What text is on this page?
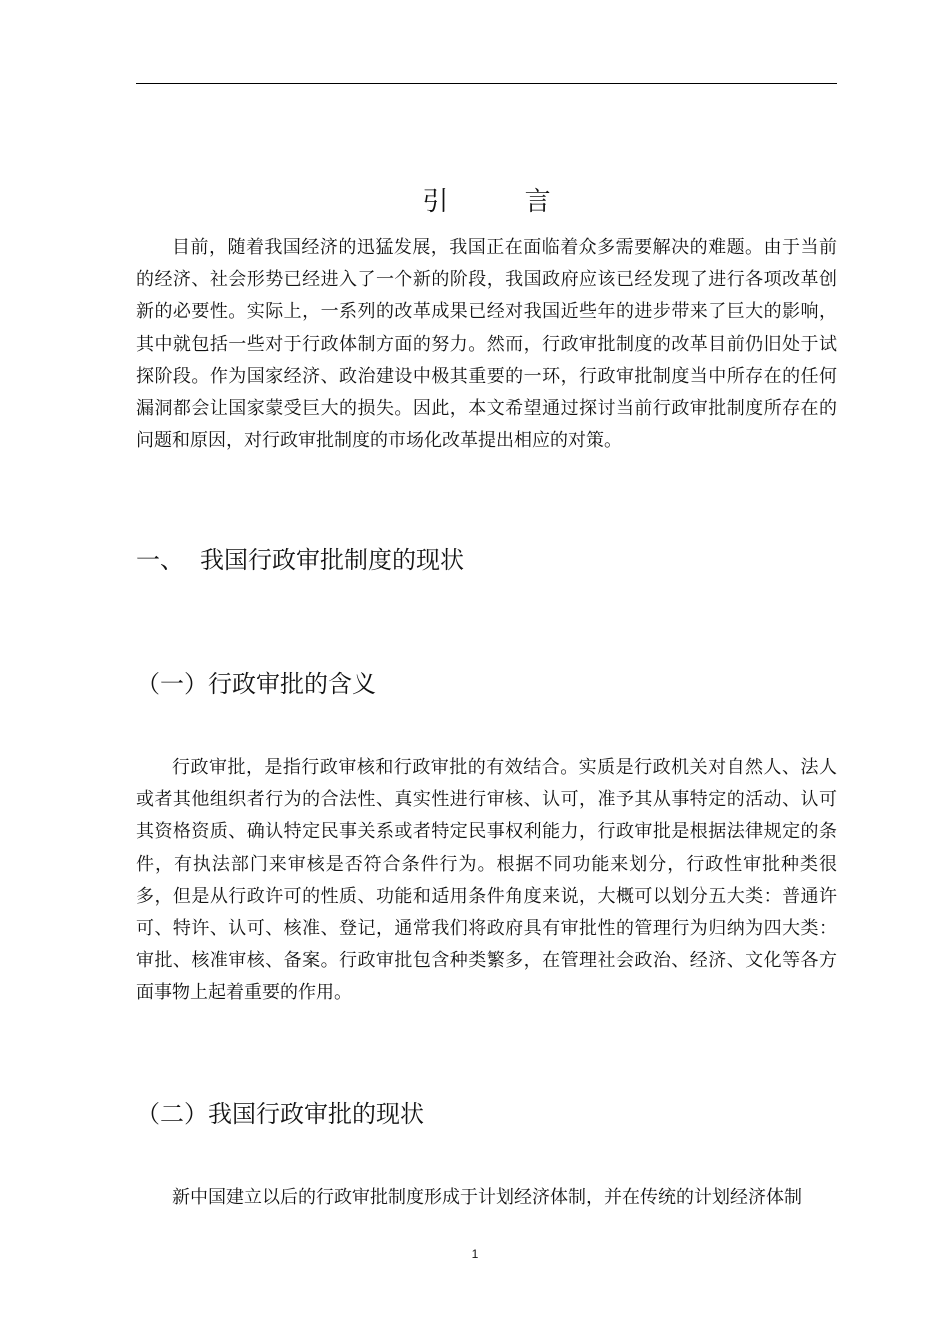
引 言

目前，随着我国经济的迅猛发展，我国正在面临着众多需要解决的难题。由于当前的经济、社会形势已经进入了一个新的阶段，我国政府应该已经发现了进行各项改革创新的必要性。实际上，一系列的改革成果已经对我国近些年的进步带来了巨大的影响，其中就包括一些对于行政体制方面的努力。然而，行政审批制度的改革目前仍旧处于试探阶段。作为国家经济、政治建设中极其重要的一环，行政审批制度当中所存在的任何漏洞都会让国家蒙受巨大的损失。因此，本文希望通过探讨当前行政审批制度所存在的问题和原因，对行政审批制度的市场化改革提出相应的对策。

一、 我国行政审批制度的现状
（一）行政审批的含义

行政审批，是指行政审核和行政审批的有效结合。实质是行政机关对自然人、法人或者其他组织者行为的合法性、真实性进行审核、认可，准予其从事特定的活动、认可其资格资质、确认特定民事关系或者特定民事权利能力，行政审批是根据法律规定的条件，有执法部门来审核是否符合条件行为。根据不同功能来划分，行政性审批种类很多，但是从行政许可的性质、功能和适用条件角度来说，大概可以划分五大类：普通许可、特许、认可、核准、登记，通常我们将政府具有审批性的管理行为归纳为四大类：审批、核准审核、备案。行政审批包含种类繁多，在管理社会政治、经济、文化等各方面事物上起着重要的作用。

（二）我国行政审批的现状

新中国建立以后的行政审批制度形成于计划经济体制，并在传统的计划经济体制

1
